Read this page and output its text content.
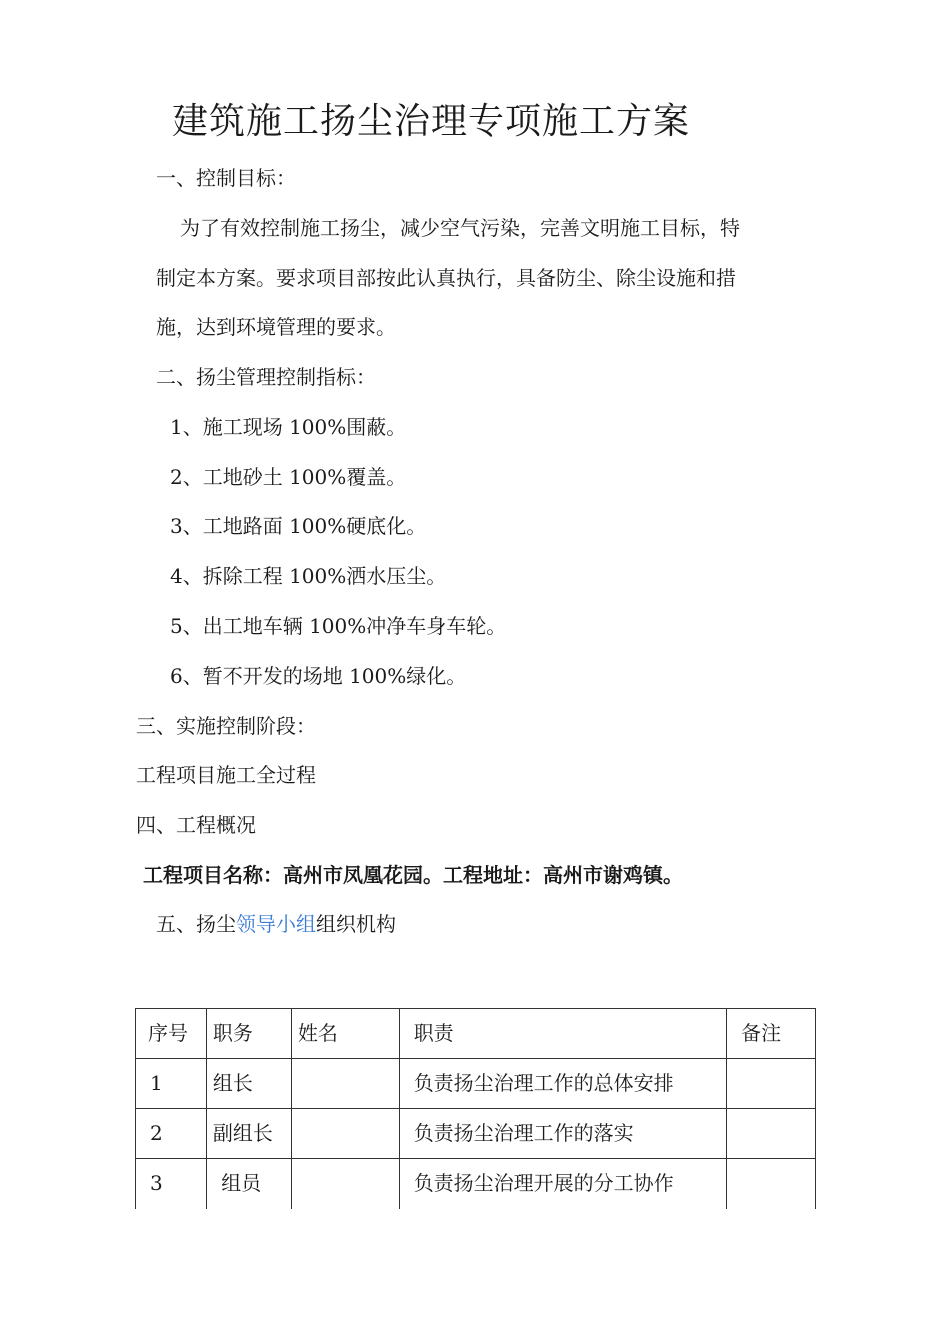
建筑施工扬尘治理专项施工方案
一、控制目标：
为了有效控制施工扬尘，减少空气污染，完善文明施工目标，特
制定本方案。要求项目部按此认真执行，具备防尘、除尘设施和措
施，达到环境管理的要求。
二、扬尘管理控制指标：
1、施工现场 100%围蔽。
2、工地砂土 100%覆盖。
3、工地路面 100%硬底化。
4、拆除工程 100%洒水压尘。
5、出工地车辆 100%冲净车身车轮。
6、暂不开发的场地 100%绿化。
三、实施控制阶段：
工程项目施工全过程
四、工程概况
工程项目名称：高州市凤凰花园。工程地址：高州市谢鸡镇。
五、扬尘领导小组组织机构
序号	职务	姓名	职责	备注
1	组长		负责扬尘治理工作的总体安排	
2	副组长		负责扬尘治理工作的落实	
3	组员		负责扬尘治理开展的分工协作	
